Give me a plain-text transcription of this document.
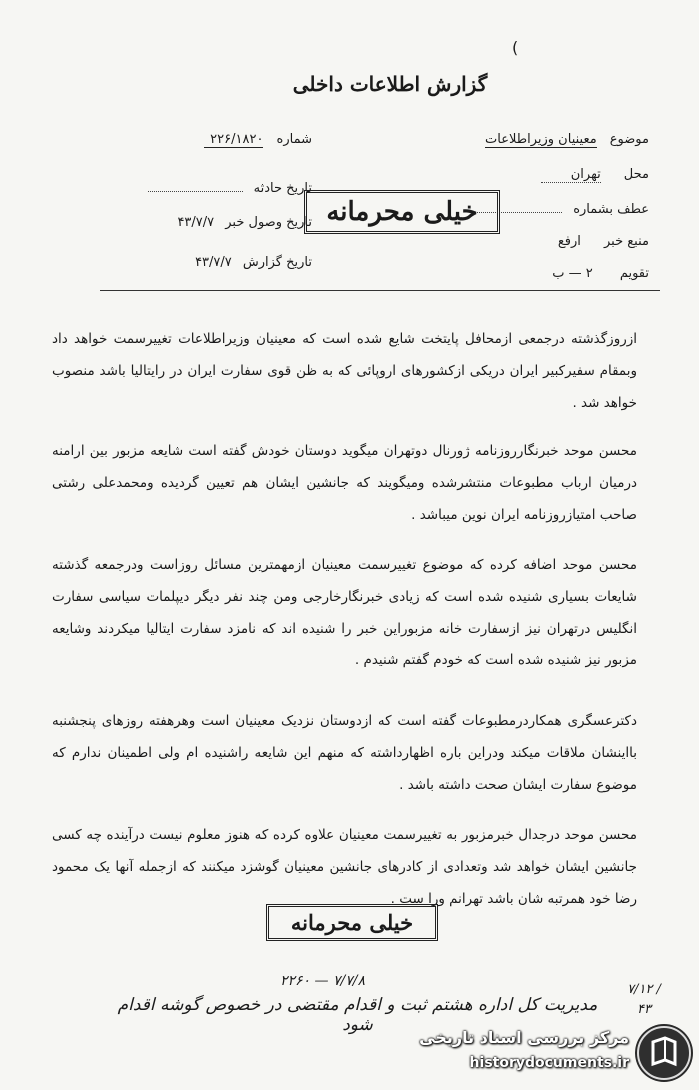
(
گزارش اطلاعات داخلی
موضوع معینیان وزیراطلاعات
محل تهران
عطف بشماره
منبع خبر ارفع
تقویم ۲ — ب
شماره ۲۲۶/۱۸۲۰
تاریخ حادثه
تاریخ وصول خبر ۴۳/۷/۷
تاریخ گزارش ۴۳/۷/۷
خیلی محرمانه
ازروزگذشته درجمعی ازمحافل پایتخت شایع شده است که معینیان وزیراطلاعات تغییرسمت خواهد داد وبمقام سفیرکبیر ایران دریکی ازکشورهای اروپائی که به ظن قوی سفارت ایران در رایتالیا باشد منصوب خواهد شد .
محسن موحد خبرنگارروزنامه ژورنال دوتهران میگوید دوستان خودش گفته است شایعه مزبور بین ارامنه درمیان ارباب مطبوعات منتشرشده ومیگویند که جانشین ایشان هم تعیین گردیده ومحمدعلی رشتی صاحب امتیازروزنامه ایران نوین میباشد .
محسن موحد اضافه کرده که موضوع تغییرسمت معینیان ازمهمترین مسائل روزاست ودرجمعه گذشته شایعات بسیاری شنیده شده است که زیادی خبرنگارخارجی ومن چند نفر دیگر دیپلمات سیاسی سفارت انگلیس درتهران نیز ازسفارت خانه مزبوراین خبر را شنیده اند که نامزد سفارت ایتالیا میکردند وشایعه مزبور نیز شنیده شده است که خودم گفتم شنیدم .
دکترعسگری همکاردرمطبوعات گفته است که ازدوستان نزدیک معینیان است وهرهفته روزهای پنجشنبه بااینشان ملاقات میکند ودراین باره اظهارداشته که منهم این شایعه راشنیده ام ولی اطمینان ندارم که موضوع سفارت ایشان صحت داشته باشد .
محسن موحد درجدال خبرمزبور به تغییرسمت معینیان علاوه کرده که هنوز معلوم نیست درآینده چه کسی جانشین ایشان خواهد شد وتعدادی از کادرهای جانشین معینیان گوشزد میکنند که ازجمله آنها یک محمود رضا خود همرتبه شان باشد تهرانم ورا ست .
خیلی محرمانه
۲۲۶۰ — ۷/۷/۸
مدیریت کل اداره هشتم ثبت و اقدام مقتضی در خصوص گوشه اقدام شود
۷/۱۲ / ۴۳
مرکز بررسی اسناد تاریخی
historydocuments.ir
